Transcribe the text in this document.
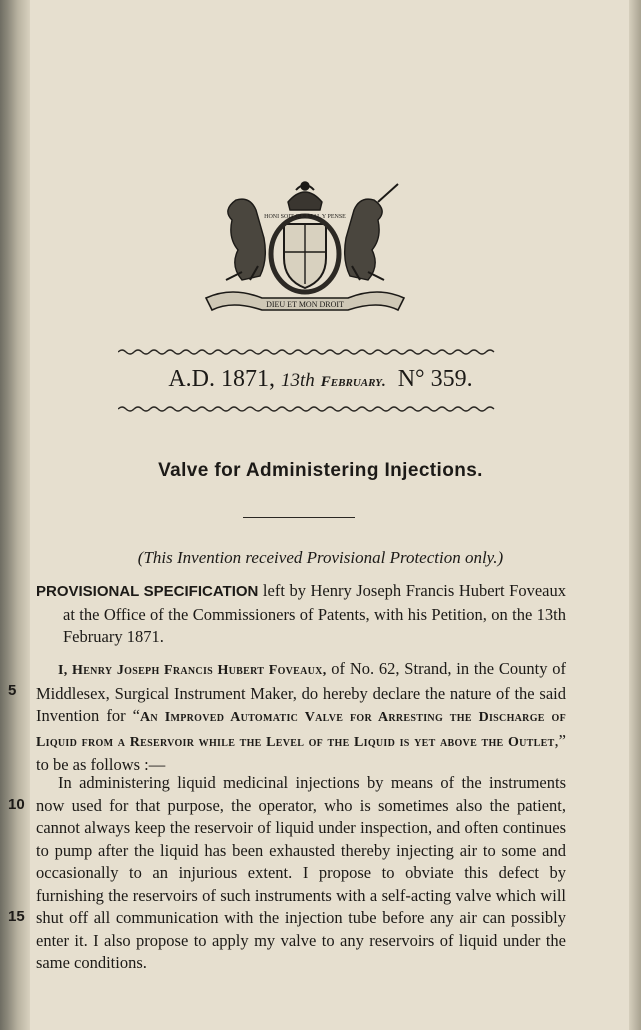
DIEU ET MON DROIT
HONI SOIT QUI MAL Y PENSE
A.D. 1871, 13th February. N° 359.
Valve for Administering Injections.
(This Invention received Provisional Protection only.)

PROVISIONAL SPECIFICATION left by Henry Joseph Francis Hubert Foveaux at the Office of the Commissioners of Patents, with his Petition, on the 13th February 1871.

I, Henry Joseph Francis Hubert Foveaux, of No. 62, Strand, in the County of Middlesex, Surgical Instrument Maker, do hereby declare the nature of the said Invention for “An Improved Automatic Valve for Arresting the Discharge of Liquid from a Reservoir while the Level of the Liquid is yet above the Outlet,” to be as follows :—

In administering liquid medicinal injections by means of the instruments now used for that purpose, the operator, who is sometimes also the patient, cannot always keep the reservoir of liquid under inspection, and often continues to pump after the liquid has been exhausted thereby injecting air to some and occasionally to an injurious extent. I propose to obviate this defect by furnishing the reservoirs of such instruments with a self-acting valve which will shut off all communication with the injection tube before any air can possibly enter it. I also propose to apply my valve to any reservoirs of liquid under the same conditions.

5
10
15
